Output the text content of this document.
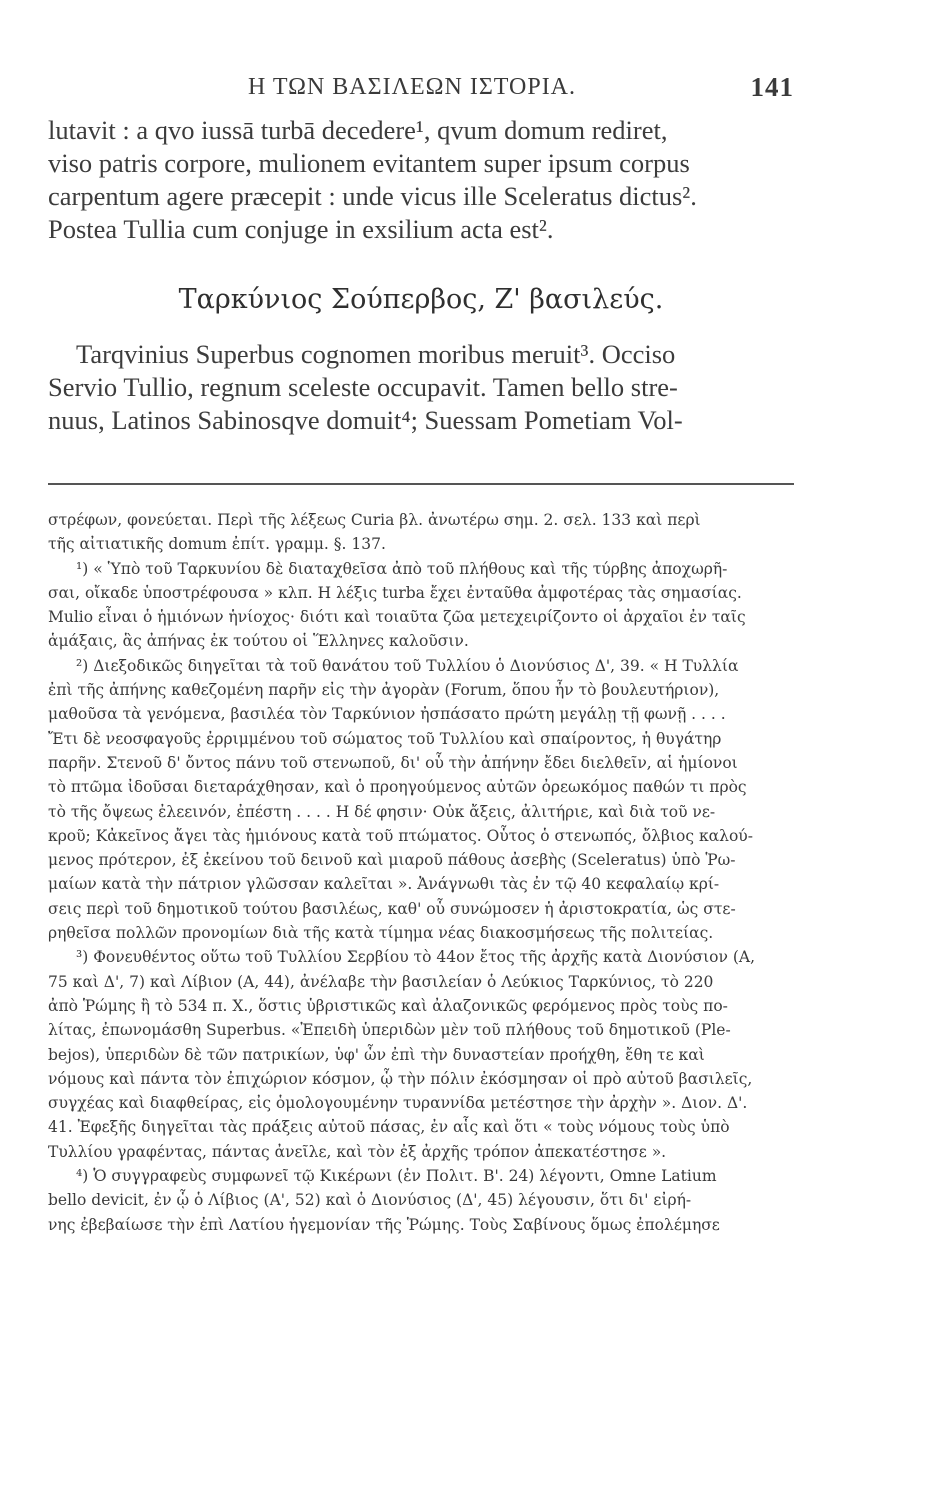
Η ΤΩΝ ΒΑΣΙΛΕΩΝ ΙΣΤΟΡΙΑ.	141

lutavit : a qvo iussā turbā decedere¹, qvum domum rediret,
viso patris corpore, mulionem evitantem super ipsum corpus
carpentum agere præcepit : unde vicus ille Sceleratus dictus².
Postea Tullia cum conjuge in exsilium acta est².

Ταρκύνιος Σούπερβος, Ζ' βασιλεύς.

Tarqvinius Superbus cognomen moribus meruit³. Occiso
Servio Tullio, regnum sceleste occupavit. Tamen bello stre-
nuus, Latinos Sabinosqve domuit⁴; Suessam Pometiam Vol-

στρέφων, φονεύεται. Περὶ τῆς λέξεως Curia βλ. ἀνωτέρω σημ. 2. σελ. 133 καὶ περὶ
τῆς αἰτιατικῆς domum ἐπίτ. γραμμ. §. 137.
¹) « Ὑπὸ τοῦ Ταρκυνίου δὲ διαταχθεῖσα ἀπὸ τοῦ πλήθους καὶ τῆς τύρβης ἀποχωρῆ-
σαι, οἴκαδε ὑποστρέφουσα » κλπ. Η λέξις turba ἔχει ἐνταῦθα ἀμφοτέρας τὰς σημασίας.
Mulio εἶναι ὁ ἡμιόνων ἡνίοχος· διότι καὶ τοιαῦτα ζῶα μετεχειρίζοντο οἱ ἀρχαῖοι ἐν ταῖς
ἁμάξαις, ἃς ἀπήνας ἐκ τούτου οἱ Ἕλληνες καλοῦσιν.
²) Διεξοδικῶς διηγεῖται τὰ τοῦ θανάτου τοῦ Τυλλίου ὁ Διονύσιος Δ', 39. « Η Τυλλία
ἐπὶ τῆς ἀπήνης καθεζομένη παρῆν εἰς τὴν ἀγορὰν (Forum, ὅπου ἦν τὸ βουλευτήριον),
μαθοῦσα τὰ γενόμενα, βασιλέα τὸν Ταρκύνιον ἠσπάσατο πρώτη μεγάλῃ τῇ φωνῇ . . . .
Ἔτι δὲ νεοσφαγοῦς ἐρριμμένου τοῦ σώματος τοῦ Τυλλίου καὶ σπαίροντος, ἡ θυγάτηρ
παρῆν. Στενοῦ δ' ὄντος πάνυ τοῦ στενωποῦ, δι' οὗ τὴν ἀπήνην ἔδει διελθεῖν, αἱ ἡμίονοι
τὸ πτῶμα ἰδοῦσαι διεταράχθησαν, καὶ ὁ προηγούμενος αὐτῶν ὀρεωκόμος παθών τι πρὸς
τὸ τῆς ὄψεως ἐλεεινόν, ἐπέστη . . . . Η δέ φησιν· Οὐκ ἄξεις, ἀλιτήριε, καὶ διὰ τοῦ νε-
κροῦ; Κἀκεῖνος ἄγει τὰς ἡμιόνους κατὰ τοῦ πτώματος. Οὗτος ὁ στενωπός, ὄλβιος καλού-
μενος πρότερον, ἐξ ἐκείνου τοῦ δεινοῦ καὶ μιαροῦ πάθους ἀσεβὴς (Sceleratus) ὑπὸ Ῥω-
μαίων κατὰ τὴν πάτριον γλῶσσαν καλεῖται ». Ἀνάγνωθι τὰς ἐν τῷ 40 κεφαλαίῳ κρί-
σεις περὶ τοῦ δημοτικοῦ τούτου βασιλέως, καθ' οὗ συνώμοσεν ἡ ἀριστοκρατία, ὡς στε-
ρηθεῖσα πολλῶν προνομίων διὰ τῆς κατὰ τίμημα νέας διακοσμήσεως τῆς πολιτείας.
³) Φονευθέντος οὕτω τοῦ Τυλλίου Σερβίου τὸ 44ον ἔτος τῆς ἀρχῆς κατὰ Διονύσιον (Α,
75 καὶ Δ', 7) καὶ Λίβιον (Α, 44), ἀνέλαβε τὴν βασιλείαν ὁ Λεύκιος Ταρκύνιος, τὸ 220
ἀπὸ Ῥώμης ἢ τὸ 534 π. Χ., ὅστις ὑβριστικῶς καὶ ἀλαζονικῶς φερόμενος πρὸς τοὺς πο-
λίτας, ἐπωνομάσθη Superbus. «Ἐπειδὴ ὑπεριδὼν μὲν τοῦ πλήθους τοῦ δημοτικοῦ (Ple-
bejos), ὑπεριδὼν δὲ τῶν πατρικίων, ὑφ' ὧν ἐπὶ τὴν δυναστείαν προήχθη, ἔθη τε καὶ
νόμους καὶ πάντα τὸν ἐπιχώριον κόσμον, ᾧ τὴν πόλιν ἐκόσμησαν οἱ πρὸ αὐτοῦ βασιλεῖς,
συγχέας καὶ διαφθείρας, εἰς ὁμολογουμένην τυραννίδα μετέστησε τὴν ἀρχὴν ». Διον. Δ'.
41. Ἐφεξῆς διηγεῖται τὰς πράξεις αὐτοῦ πάσας, ἐν αἷς καὶ ὅτι « τοὺς νόμους τοὺς ὑπὸ
Τυλλίου γραφέντας, πάντας ἀνεῖλε, καὶ τὸν ἐξ ἀρχῆς τρόπον ἀπεκατέστησε ».
⁴) Ὁ συγγραφεὺς συμφωνεῖ τῷ Κικέρωνι (ἐν Πολιτ. Β'. 24) λέγοντι, Omne Latium
bello devicit, ἐν ᾧ ὁ Λίβιος (Α', 52) καὶ ὁ Διονύσιος (Δ', 45) λέγουσιν, ὅτι δι' εἰρή-
νης ἐβεβαίωσε τὴν ἐπὶ Λατίου ἡγεμονίαν τῆς Ῥώμης. Τοὺς Σαβίνους ὅμως ἐπολέμησε
